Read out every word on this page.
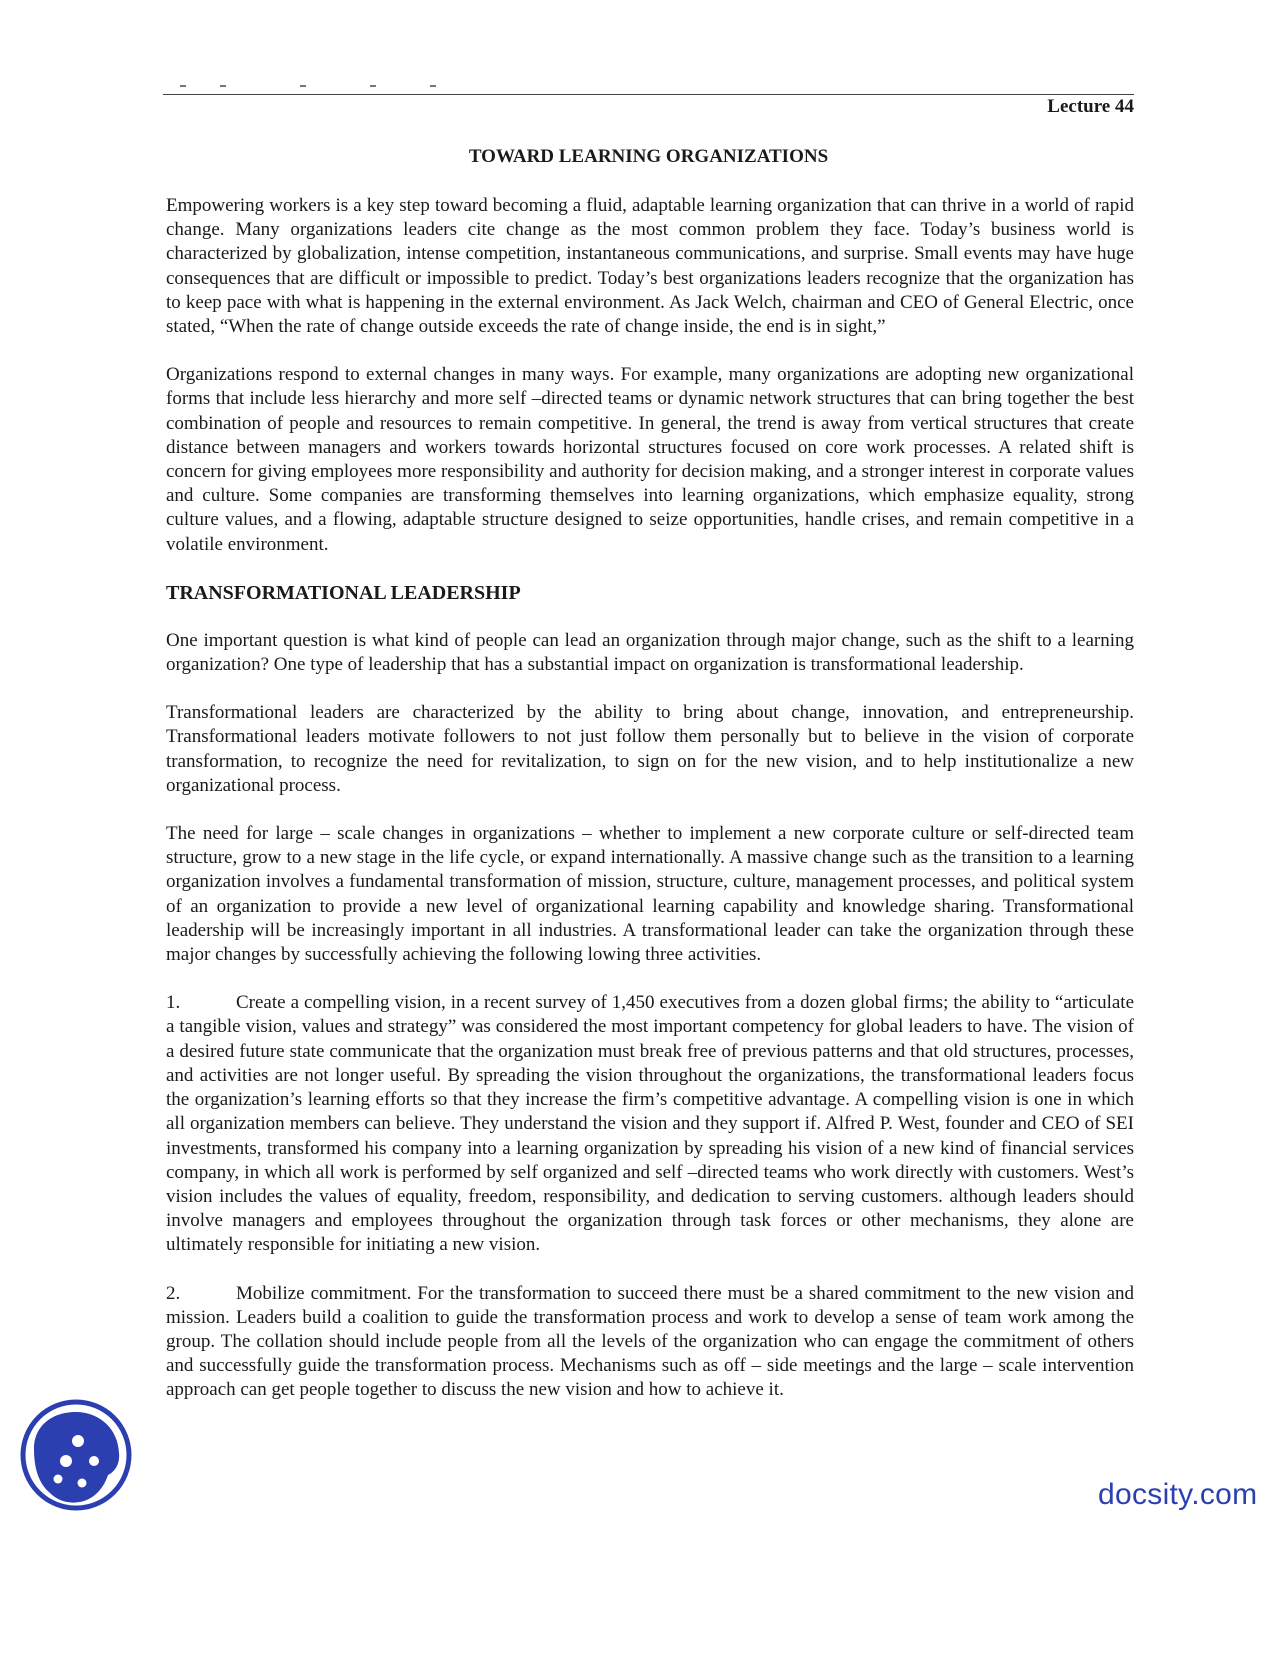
Lecture 44
TOWARD LEARNING ORGANIZATIONS

Empowering workers is a key step toward becoming a fluid, adaptable learning organization that can thrive in a world of rapid change. Many organizations leaders cite change as the most common problem they face. Today’s business world is characterized by globalization, intense competition, instantaneous communications, and surprise. Small events may have huge consequences that are difficult or impossible to predict. Today’s best organizations leaders recognize that the organization has to keep pace with what is happening in the external environment. As Jack Welch, chairman and CEO of General Electric, once stated, “When the rate of change outside exceeds the rate of change inside, the end is in sight,”

Organizations respond to external changes in many ways. For example, many organizations are adopting new organizational forms that include less hierarchy and more self –directed teams or dynamic network structures that can bring together the best combination of people and resources to remain competitive. In general, the trend is away from vertical structures that create distance between managers and workers towards horizontal structures focused on core work processes. A related shift is concern for giving employees more responsibility and authority for decision making, and a stronger interest in corporate values and culture. Some companies are transforming themselves into learning organizations, which emphasize equality, strong culture values, and a flowing, adaptable structure designed to seize opportunities, handle crises, and remain competitive in a volatile environment.

TRANSFORMATIONAL LEADERSHIP

One important question is what kind of people can lead an organization through major change, such as the shift to a learning organization? One type of leadership that has a substantial impact on organization is transformational leadership.

Transformational leaders are characterized by the ability to bring about change, innovation, and entrepreneurship. Transformational leaders motivate followers to not just follow them personally but to believe in the vision of corporate transformation, to recognize the need for revitalization, to sign on for the new vision, and to help institutionalize a new organizational process.

The need for large – scale changes in organizations – whether to implement a new corporate culture or self-directed team structure, grow to a new stage in the life cycle, or expand internationally. A massive change such as the transition to a learning organization involves a fundamental transformation of mission, structure, culture, management processes, and political system of an organization to provide a new level of organizational learning capability and knowledge sharing. Transformational leadership will be increasingly important in all industries. A transformational leader can take the organization through these major changes by successfully achieving the following lowing three activities.

1.	Create a compelling vision, in a recent survey of 1,450 executives from a dozen global firms; the ability to “articulate a tangible vision, values and strategy” was considered the most important competency for global leaders to have. The vision of a desired future state communicate that the organization must break free of previous patterns and that old structures, processes, and activities are not longer useful. By spreading the vision throughout the organizations, the transformational leaders focus the organization’s learning efforts so that they increase the firm’s competitive advantage. A compelling vision is one in which all organization members can believe. They understand the vision and they support if. Alfred P. West, founder and CEO of SEI investments, transformed his company into a learning organization by spreading his vision of a new kind of financial services company, in which all work is performed by self organized and self –directed teams who work directly with customers. West’s vision includes the values of equality, freedom, responsibility, and dedication to serving customers. although leaders should involve managers and employees throughout the organization through task forces or other mechanisms, they alone are ultimately responsible for initiating a new vision.

2.	Mobilize commitment. For the transformation to succeed there must be a shared commitment to the new vision and mission. Leaders build a coalition to guide the transformation process and work to develop a sense of team work among the group. The collation should include people from all the levels of the organization who can engage the commitment of others and successfully guide the transformation process. Mechanisms such as off – side meetings and the large – scale intervention approach can get people together to discuss the new vision and how to achieve it.

docsity.com
